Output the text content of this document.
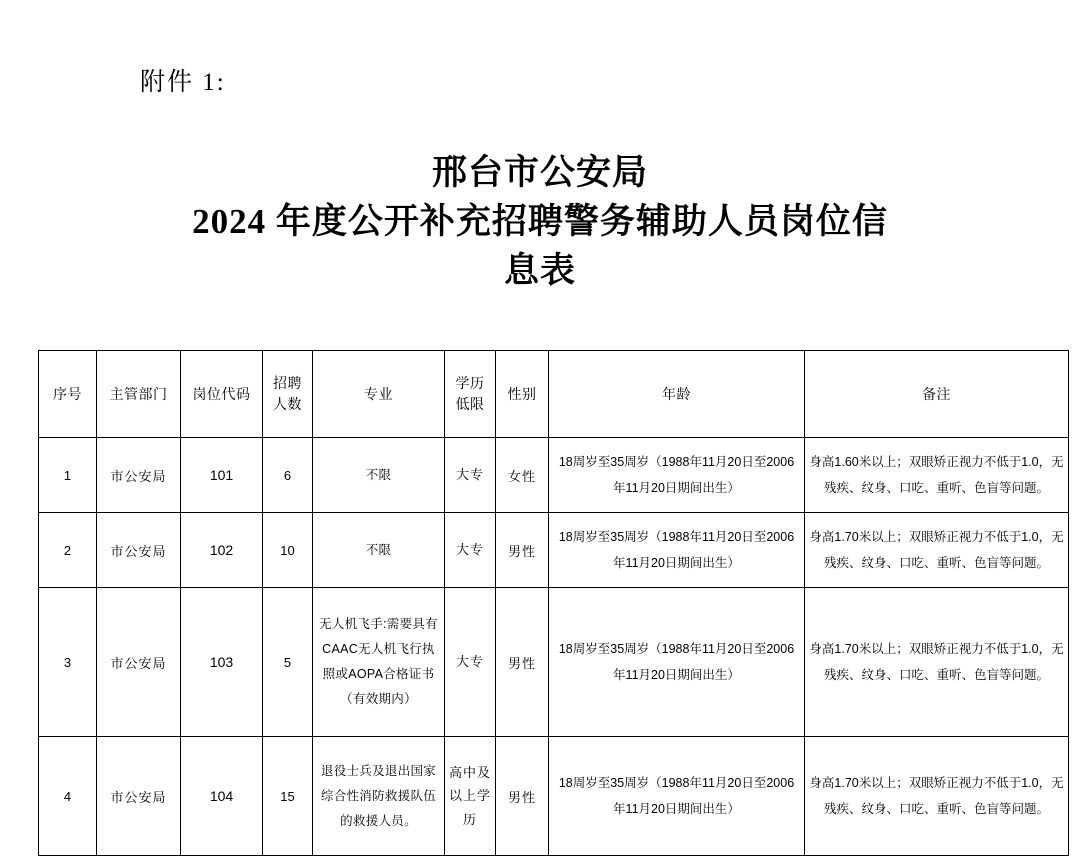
附件 1:
邢台市公安局
2024 年度公开补充招聘警务辅助人员岗位信
息表
序号	主管部门	岗位代码	招聘人数	专业	学历低限	性别	年龄	备注
1	市公安局	101	6	不限	大专	女性	18周岁至35周岁（1988年11月20日至2006年11月20日期间出生）	身高1.60米以上；双眼矫正视力不低于1.0，无残疾、纹身、口吃、重听、色盲等问题。
2	市公安局	102	10	不限	大专	男性	18周岁至35周岁（1988年11月20日至2006年11月20日期间出生）	身高1.70米以上；双眼矫正视力不低于1.0，无残疾、纹身、口吃、重听、色盲等问题。
3	市公安局	103	5	无人机飞手:需要具有CAAC无人机飞行执照或AOPA合格证书（有效期内）	大专	男性	18周岁至35周岁（1988年11月20日至2006年11月20日期间出生）	身高1.70米以上；双眼矫正视力不低于1.0，无残疾、纹身、口吃、重听、色盲等问题。
4	市公安局	104	15	退役士兵及退出国家综合性消防救援队伍的救援人员。	高中及以上学历	男性	18周岁至35周岁（1988年11月20日至2006年11月20日期间出生）	身高1.70米以上；双眼矫正视力不低于1.0，无残疾、纹身、口吃、重听、色盲等问题。
